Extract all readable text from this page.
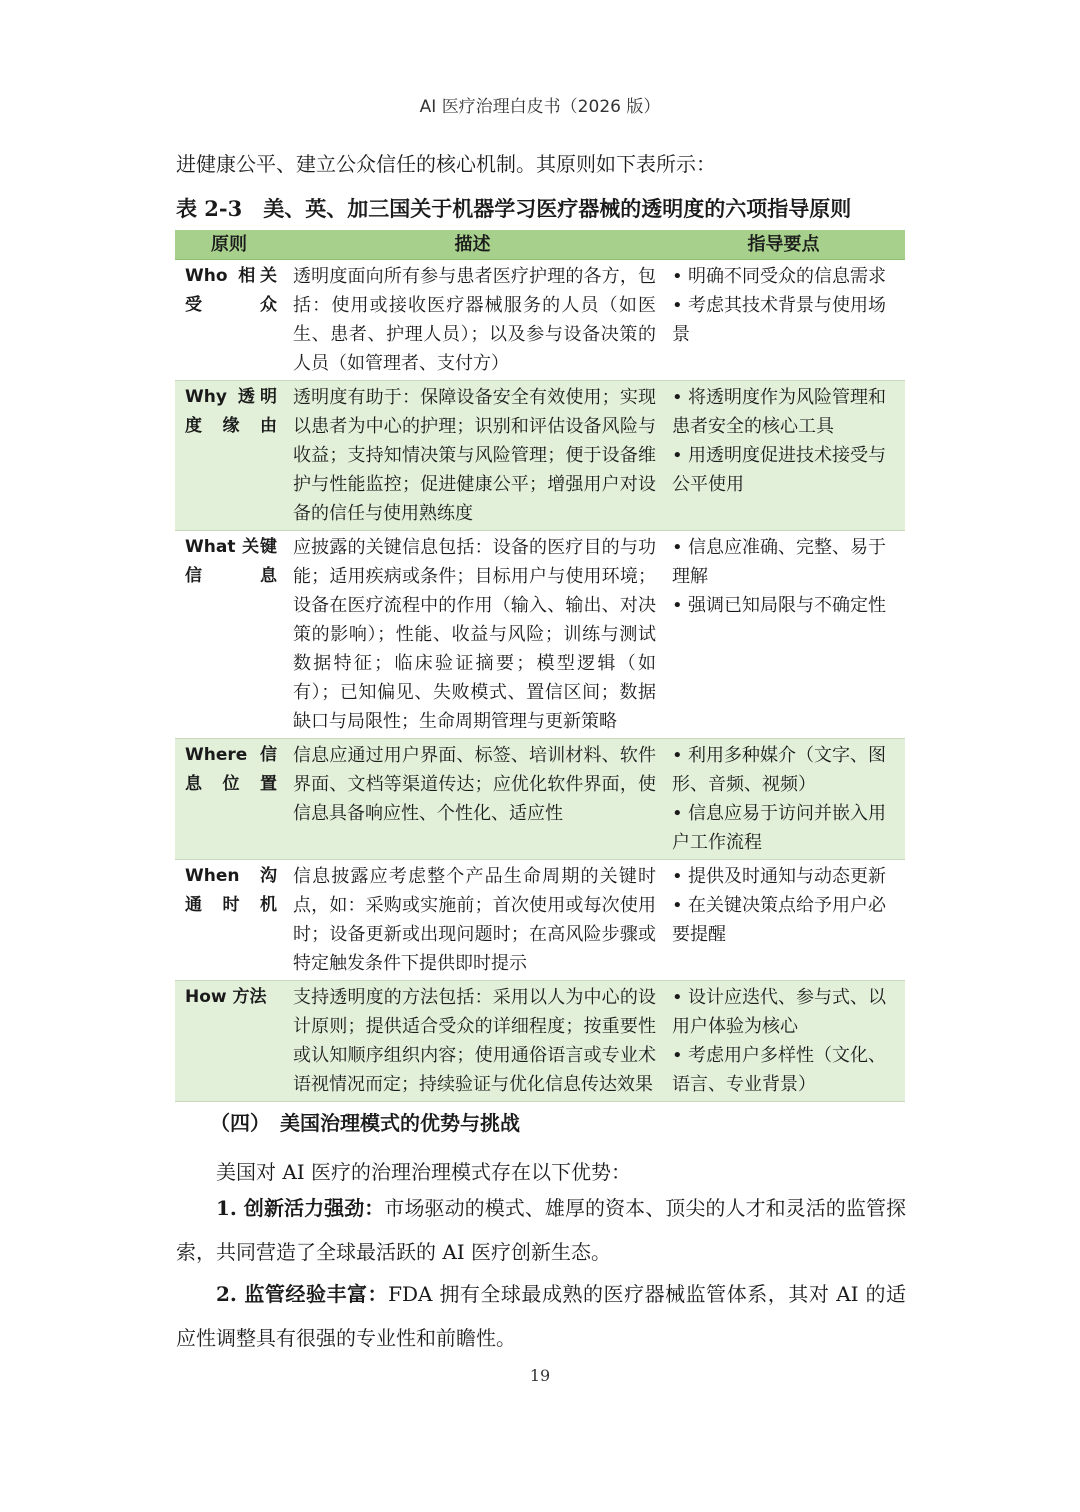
AI 医疗治理白皮书（2026 版）
进健康公平、建立公众信任的核心机制。其原则如下表所示：
表 2-3　美、英、加三国关于机器学习医疗器械的透明度的六项指导原则
原则	描述	指导要点
Who 相关受众	透明度面向所有参与患者医疗护理的各方，包括：使用或接收医疗器械服务的人员（如医生、患者、护理人员）；以及参与设备决策的人员（如管理者、支付方）	• 明确不同受众的信息需求
• 考虑其技术背景与使用场景

Why 透明度缘由	透明度有助于：保障设备安全有效使用；实现以患者为中心的护理；识别和评估设备风险与收益；支持知情决策与风险管理；便于设备维护与性能监控；促进健康公平；增强用户对设备的信任与使用熟练度	• 将透明度作为风险管理和患者安全的核心工具
• 用透明度促进技术接受与公平使用

What 关键信息	应披露的关键信息包括：设备的医疗目的与功能；适用疾病或条件；目标用户与使用环境；设备在医疗流程中的作用（输入、输出、对决策的影响）；性能、收益与风险；训练与测试数据特征；临床验证摘要；模型逻辑（如有）；已知偏见、失败模式、置信区间；数据缺口与局限性；生命周期管理与更新策略	• 信息应准确、完整、易于理解
• 强调已知局限与不确定性

Where 信息位置	信息应通过用户界面、标签、培训材料、软件界面、文档等渠道传达；应优化软件界面，使信息具备响应性、个性化、适应性	• 利用多种媒介（文字、图形、音频、视频）
• 信息应易于访问并嵌入用户工作流程

When 沟通时机	信息披露应考虑整个产品生命周期的关键时点，如：采购或实施前；首次使用或每次使用时；设备更新或出现问题时；在高风险步骤或特定触发条件下提供即时提示	• 提供及时通知与动态更新
• 在关键决策点给予用户必要提醒

How 方法	支持透明度的方法包括：采用以人为中心的设计原则；提供适合受众的详细程度；按重要性或认知顺序组织内容；使用通俗语言或专业术语视情况而定；持续验证与优化信息传达效果	• 设计应迭代、参与式、以用户体验为核心
• 考虑用户多样性（文化、语言、专业背景）
（四）　美国治理模式的优势与挑战
美国对 AI 医疗的治理治理模式存在以下优势：
1. 创新活力强劲：市场驱动的模式、雄厚的资本、顶尖的人才和灵活的监管探索，共同营造了全球最活跃的 AI 医疗创新生态。
2. 监管经验丰富：FDA 拥有全球最成熟的医疗器械监管体系，其对 AI 的适应性调整具有很强的专业性和前瞻性。
19
